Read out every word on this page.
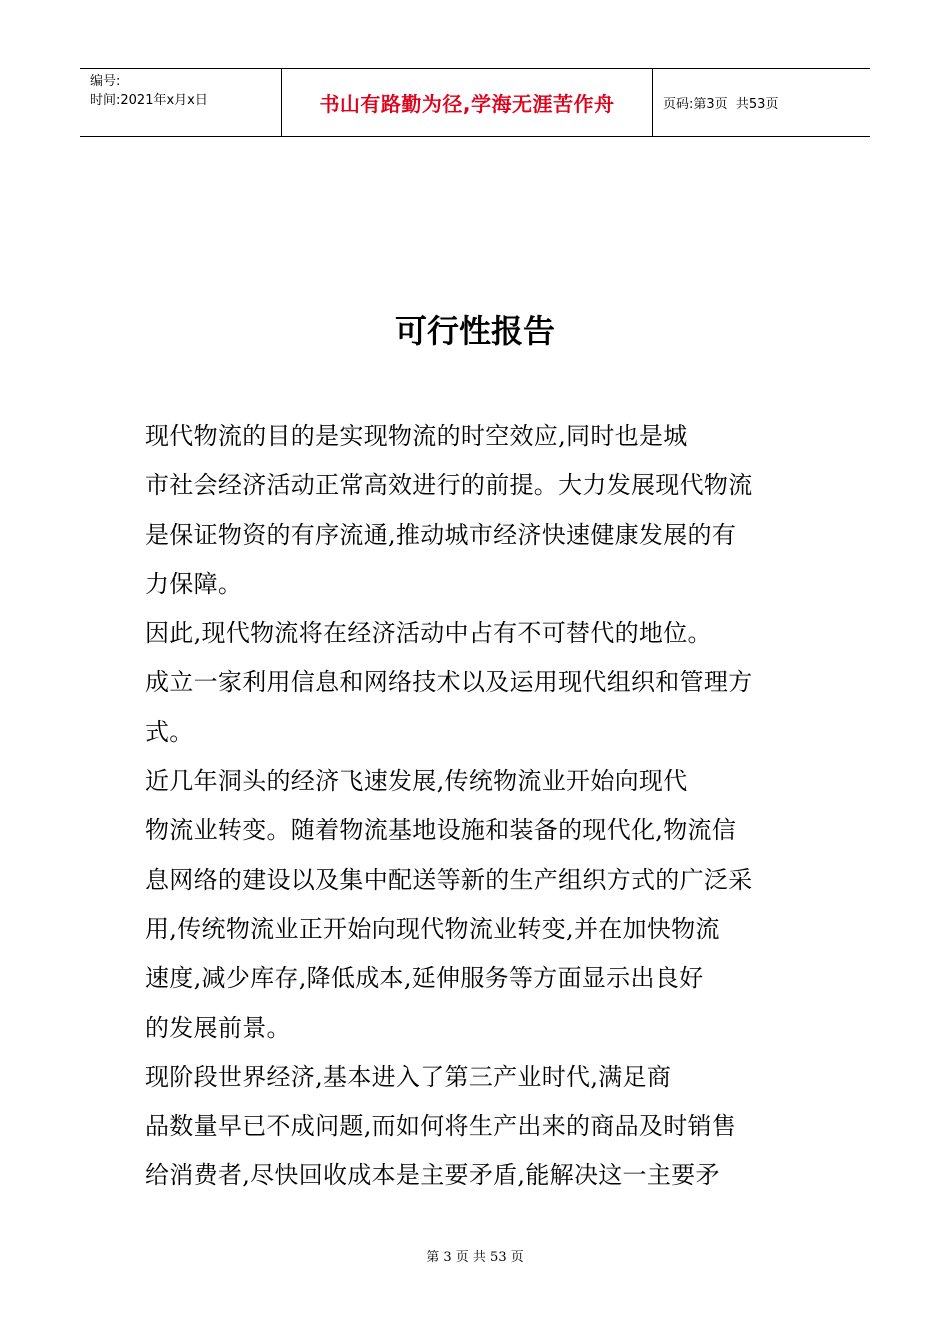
编号:
时间:2021年x月x日	书山有路勤为径,学海无涯苦作舟	页码:第3页  共53页
可行性报告
现代物流的目的是实现物流的时空效应,同时也是城
市社会经济活动正常高效进行的前提。大力发展现代物流
是保证物资的有序流通,推动城市经济快速健康发展的有
力保障。
因此,现代物流将在经济活动中占有不可替代的地位。
成立一家利用信息和网络技术以及运用现代组织和管理方
式。
近几年洞头的经济飞速发展,传统物流业开始向现代
物流业转变。随着物流基地设施和装备的现代化,物流信
息网络的建设以及集中配送等新的生产组织方式的广泛采
用,传统物流业正开始向现代物流业转变,并在加快物流
速度,减少库存,降低成本,延伸服务等方面显示出良好
的发展前景。
现阶段世界经济,基本进入了第三产业时代,满足商
品数量早已不成问题,而如何将生产出来的商品及时销售
给消费者,尽快回收成本是主要矛盾,能解决这一主要矛
第 3 页 共 53 页
